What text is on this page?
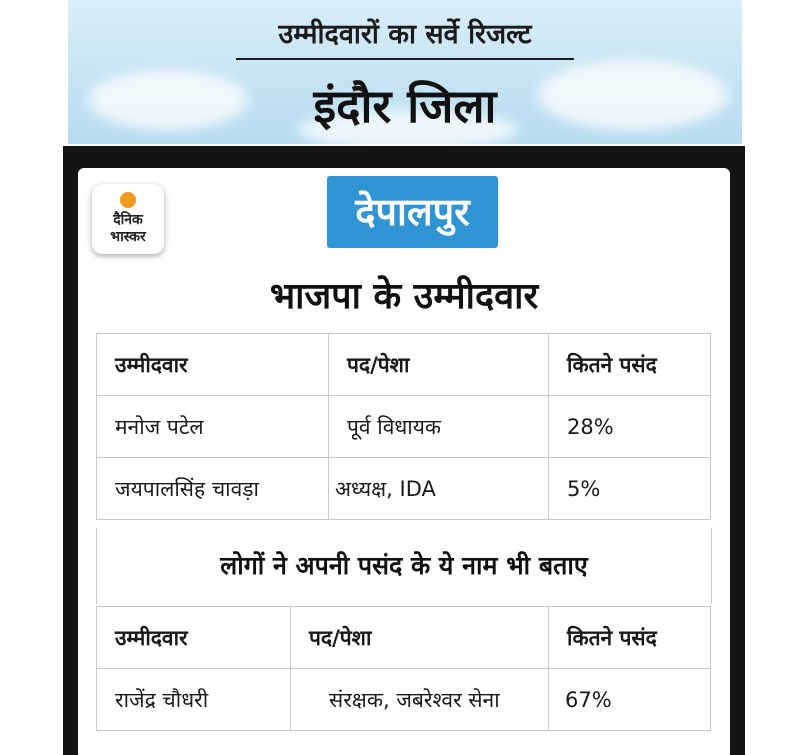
उम्मीदवारों का सर्वे रिजल्ट
इंदौर जिला
दैनिक
भास्कर
देपालपुर
भाजपा के उम्मीदवार
उम्मीदवार	पद/पेशा	कितने पसंद
मनोज पटेल	पूर्व विधायक	28%
जयपालसिंह चावड़ा	अध्यक्ष, IDA	5%
लोगों ने अपनी पसंद के ये नाम भी बताए
उम्मीदवार	पद/पेशा	कितने पसंद
राजेंद्र चौधरी	संरक्षक, जबरेश्वर सेना	67%
